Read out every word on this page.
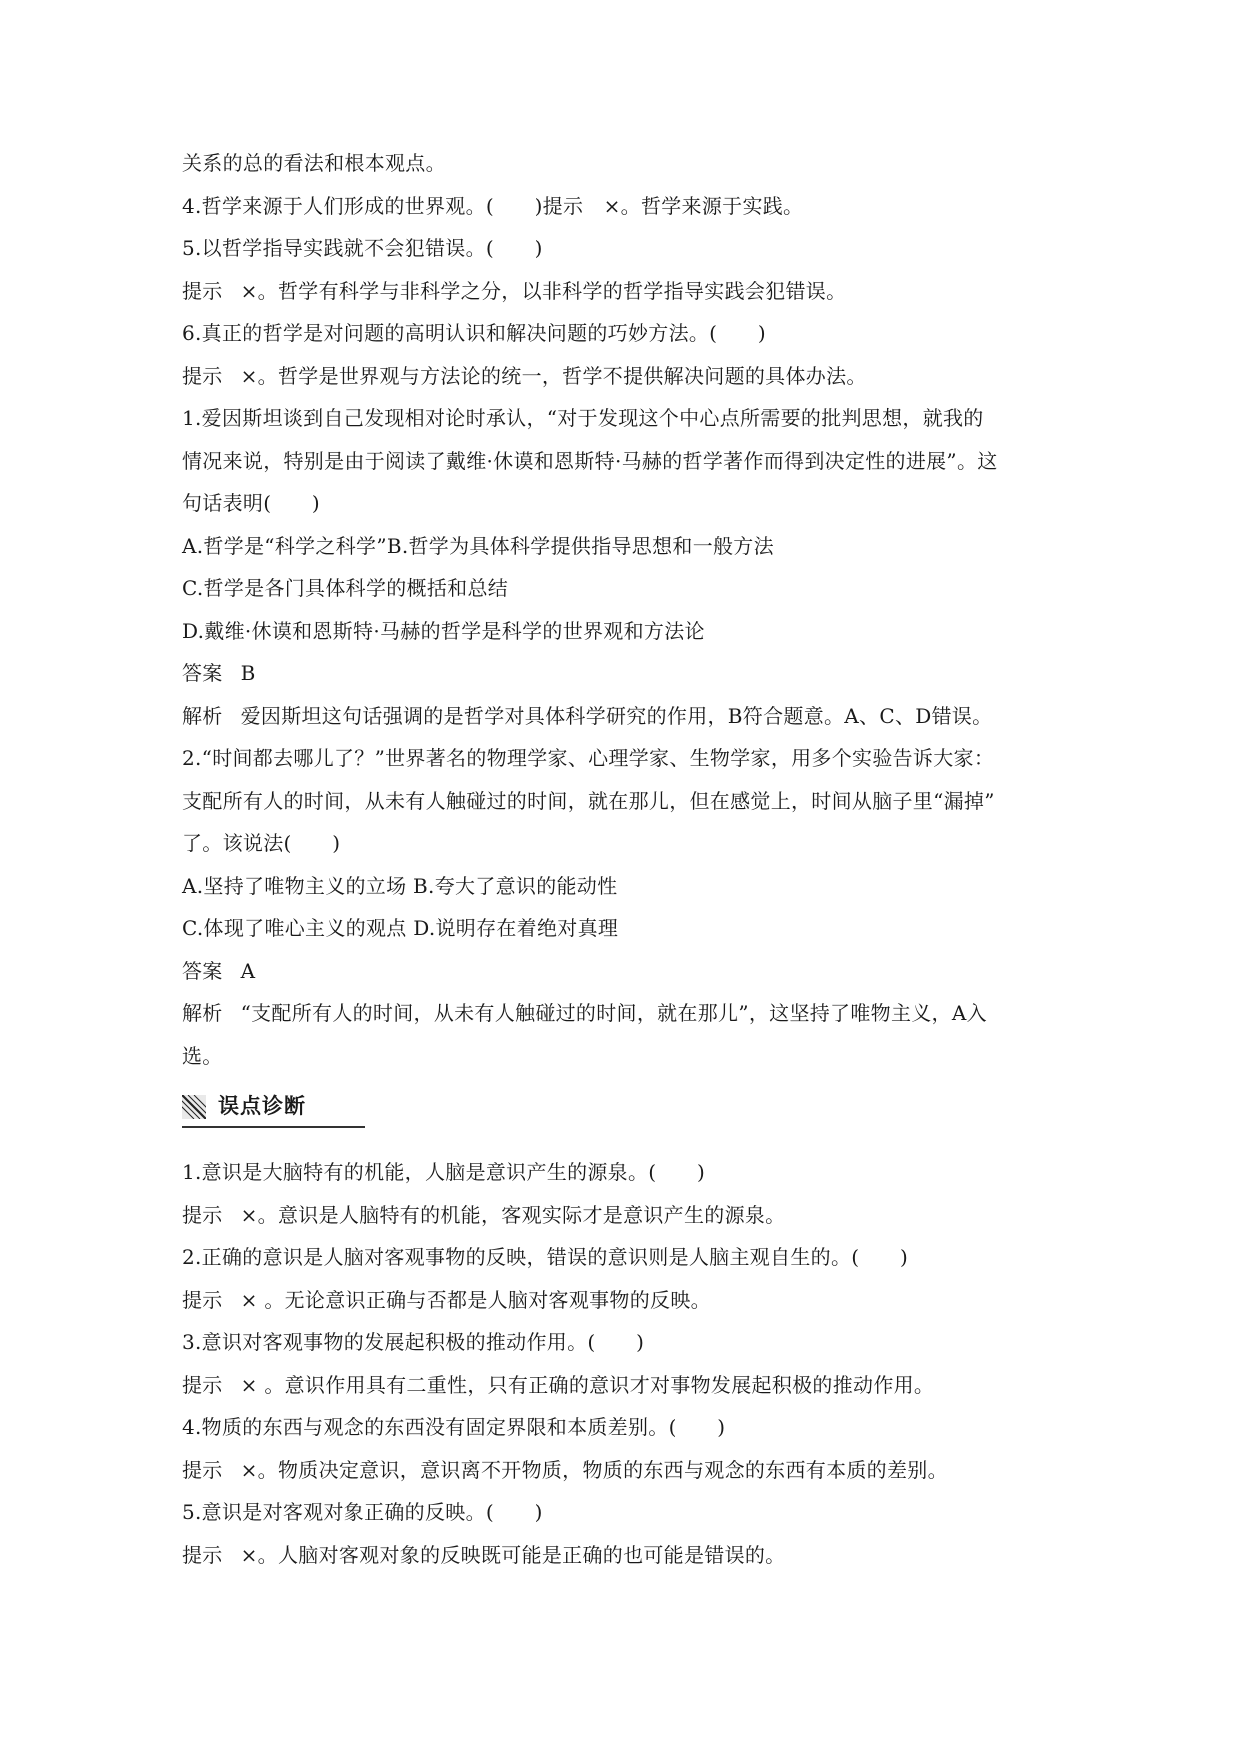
关系的总的看法和根本观点。
4.哲学来源于人们形成的世界观。(　　)提示　×。哲学来源于实践。
5.以哲学指导实践就不会犯错误。(　　)
提示 ×。哲学有科学与非科学之分，以非科学的哲学指导实践会犯错误。
6.真正的哲学是对问题的高明认识和解决问题的巧妙方法。(　　)
提示 ×。哲学是世界观与方法论的统一，哲学不提供解决问题的具体办法。
1.爱因斯坦谈到自己发现相对论时承认，“对于发现这个中心点所需要的批判思想，就我的
情况来说，特别是由于阅读了戴维·休谟和恩斯特·马赫的哲学著作而得到决定性的进展”。这
句话表明(　　)
A.哲学是“科学之科学”B.哲学为具体科学提供指导思想和一般方法
C.哲学是各门具体科学的概括和总结
D.戴维·休谟和恩斯特·马赫的哲学是科学的世界观和方法论
答案 B
解析 爱因斯坦这句话强调的是哲学对具体科学研究的作用，B符合题意。A、C、D错误。
2.“时间都去哪儿了？”世界著名的物理学家、心理学家、生物学家，用多个实验告诉大家：
支配所有人的时间，从未有人触碰过的时间，就在那儿，但在感觉上，时间从脑子里“漏掉”
了。该说法(　　)
A.坚持了唯物主义的立场 B.夸大了意识的能动性
C.体现了唯心主义的观点 D.说明存在着绝对真理
答案 A
解析 “支配所有人的时间，从未有人触碰过的时间，就在那儿”，这坚持了唯物主义，A入
选。
误点诊断
1.意识是大脑特有的机能，人脑是意识产生的源泉。(　　)
提示 ×。意识是人脑特有的机能，客观实际才是意识产生的源泉。
2.正确的意识是人脑对客观事物的反映，错误的意识则是人脑主观自生的。(　　)
提示 × 。无论意识正确与否都是人脑对客观事物的反映。
3.意识对客观事物的发展起积极的推动作用。(　　)
提示 × 。意识作用具有二重性，只有正确的意识才对事物发展起积极的推动作用。
4.物质的东西与观念的东西没有固定界限和本质差别。(　　)
提示 ×。物质决定意识，意识离不开物质，物质的东西与观念的东西有本质的差别。
5.意识是对客观对象正确的反映。(　　)
提示 ×。人脑对客观对象的反映既可能是正确的也可能是错误的。
